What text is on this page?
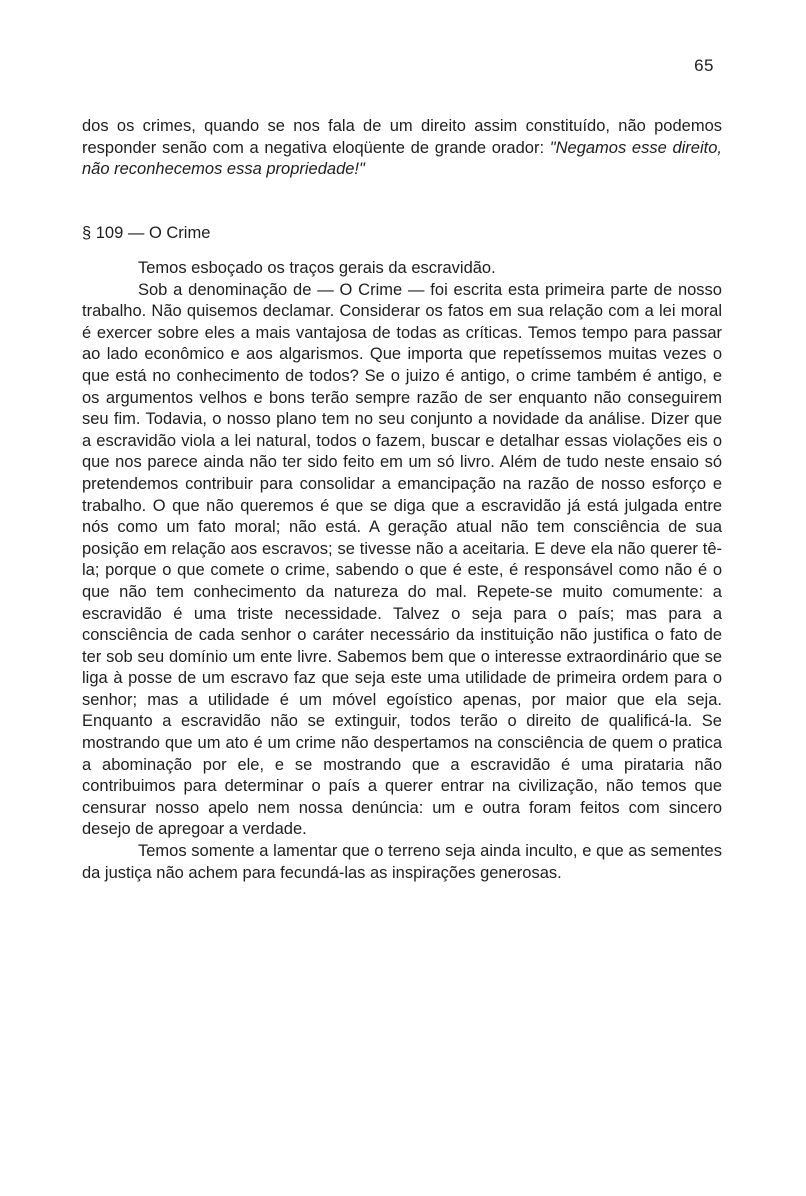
65
dos os crimes, quando se nos fala de um direito assim constituído, não podemos responder senão com a negativa eloqüente de grande orador: "Negamos esse direito, não reconhecemos essa propriedade!"
§ 109 — O Crime

Temos esboçado os traços gerais da escravidão.

Sob a denominação de — O Crime — foi escrita esta primeira parte de nosso trabalho. Não quisemos declamar. Considerar os fatos em sua relação com a lei moral é exercer sobre eles a mais vantajosa de todas as críticas. Temos tempo para passar ao lado econômico e aos algarismos. Que importa que repetíssemos muitas vezes o que está no conhecimento de todos? Se o juizo é antigo, o crime também é antigo, e os argumentos velhos e bons terão sempre razão de ser enquanto não conseguirem seu fim. Todavia, o nosso plano tem no seu conjunto a novidade da análise. Dizer que a escravidão viola a lei natural, todos o fazem, buscar e detalhar essas violações eis o que nos parece ainda não ter sido feito em um só livro. Além de tudo neste ensaio só pretendemos contribuir para consolidar a emancipação na razão de nosso esforço e trabalho. O que não queremos é que se diga que a escravidão já está julgada entre nós como um fato moral; não está. A geração atual não tem consciência de sua posição em relação aos escravos; se tivesse não a aceitaria. E deve ela não querer tê-la; porque o que comete o crime, sabendo o que é este, é responsável como não é o que não tem conhecimento da natureza do mal. Repete-se muito comumente: a escravidão é uma triste necessidade. Talvez o seja para o país; mas para a consciência de cada senhor o caráter necessário da instituição não justifica o fato de ter sob seu domínio um ente livre. Sabemos bem que o interesse extraordinário que se liga à posse de um escravo faz que seja este uma utilidade de primeira ordem para o senhor; mas a utilidade é um móvel egoístico apenas, por maior que ela seja. Enquanto a escravidão não se extinguir, todos terão o direito de qualificá-la. Se mostrando que um ato é um crime não despertamos na consciência de quem o pratica a abominação por ele, e se mostrando que a escravidão é uma pirataria não contribuimos para determinar o país a querer entrar na civilização, não temos que censurar nosso apelo nem nossa denúncia: um e outra foram feitos com sincero desejo de apregoar a verdade.

Temos somente a lamentar que o terreno seja ainda inculto, e que as sementes da justiça não achem para fecundá-las as inspirações generosas.
